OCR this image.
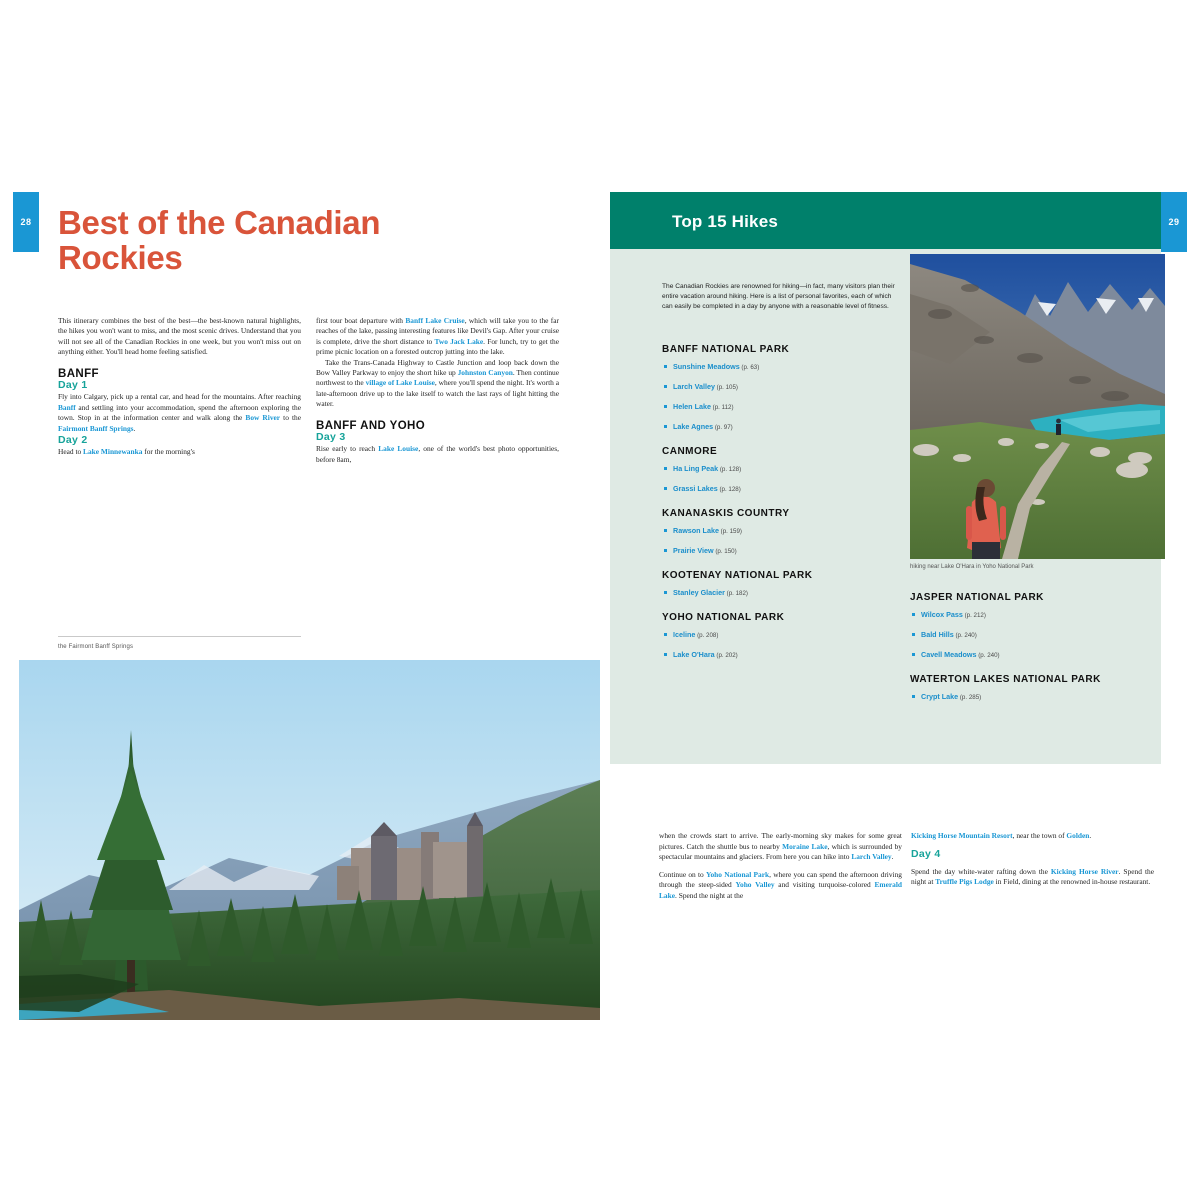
28 Best of the Canadian Rockies

This itinerary combines the best of the best—the best-known natural highlights, the hikes you won't want to miss, and the most scenic drives. Understand that you will not see all of the Canadian Rockies in one week, but you won't miss out on anything either. You'll head home feeling satisfied.

BANFF
Day 1

Fly into Calgary, pick up a rental car, and head for the mountains. After reaching Banff and settling into your accommodation, spend the afternoon exploring the town. Stop in at the information center and walk along the Bow River to the Fairmont Banff Springs.

Day 2

Head to Lake Minnewanka for the morning's

first tour boat departure with Banff Lake Cruise, which will take you to the far reaches of the lake, passing interesting features like Devil's Gap. After your cruise is complete, drive the short distance to Two Jack Lake. For lunch, try to get the prime picnic location on a forested outcrop jutting into the lake.

Take the Trans-Canada Highway to Castle Junction and loop back down the Bow Valley Parkway to enjoy the short hike up Johnston Canyon. Then continue northwest to the village of Lake Louise, where you'll spend the night. It's worth a late-afternoon drive up to the lake itself to watch the last rays of light hitting the water.

BANFF AND YOHO
Day 3

Rise early to reach Lake Louise, one of the world's best photo opportunities, before 8am,

the Fairmont Banff Springs
29
Top 15 Hikes
The Canadian Rockies are renowned for hiking—in fact, many visitors plan their entire vacation around hiking. Here is a list of personal favorites, each of which can easily be completed in a day by anyone with a reasonable level of fitness.
BANFF NATIONAL PARK
Sunshine Meadows (p. 63)
Larch Valley (p. 105)
Helen Lake (p. 112)
Lake Agnes (p. 97)
CANMORE
Ha Ling Peak (p. 128)
Grassi Lakes (p. 128)
KANANASKIS COUNTRY
Rawson Lake (p. 159)
Prairie View (p. 150)
KOOTENAY NATIONAL PARK
Stanley Glacier (p. 182)
YOHO NATIONAL PARK
Iceline (p. 208)
Lake O'Hara (p. 202)
JASPER NATIONAL PARK
Wilcox Pass (p. 212)
Bald Hills (p. 240)
Cavell Meadows (p. 240)
WATERTON LAKES NATIONAL PARK
Crypt Lake (p. 285)
hiking near Lake O'Hara in Yoho National Park

when the crowds start to arrive. The early-morning sky makes for some great pictures. Catch the shuttle bus to nearby Moraine Lake, which is surrounded by spectacular mountains and glaciers. From here you can hike into Larch Valley.

Continue on to Yoho National Park, where you can spend the afternoon driving through the steep-sided Yoho Valley and visiting turquoise-colored Emerald Lake. Spend the night at the

Kicking Horse Mountain Resort, near the town of Golden.

Day 4

Spend the day white-water rafting down the Kicking Horse River. Spend the night at Truffle Pigs Lodge in Field, dining at the renowned in-house restaurant.
